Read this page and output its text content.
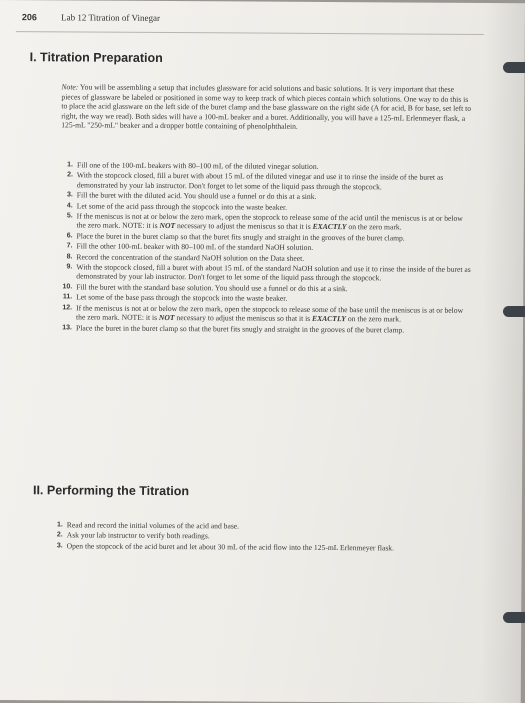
206	Lab 12 Titration of Vinegar
I. Titration Preparation

Note: You will be assembling a setup that includes glassware for acid solutions and basic solutions. It is very important that these pieces of glassware be labeled or positioned in some way to keep track of which pieces contain which solutions. One way to do this is to place the acid glassware on the left side of the buret clamp and the base glassware on the right side (A for acid, B for base, set left to right, the way we read). Both sides will have a 100-mL beaker and a buret. Additionally, you will have a 125-mL Erlenmeyer flask, a 125-mL "250-mL" beaker and a dropper bottle containing of phenolphthalein.

1. Fill one of the 100-mL beakers with 80–100 mL of the diluted vinegar solution.
2. With the stopcock closed, fill a buret with about 15 mL of the diluted vinegar and use it to rinse the inside of the buret as demonstrated by your lab instructor. Don't forget to let some of the liquid pass through the stopcock.
3. Fill the buret with the diluted acid. You should use a funnel or do this at a sink.
4. Let some of the acid pass through the stopcock into the waste beaker.
5. If the meniscus is not at or below the zero mark, open the stopcock to release some of the acid until the meniscus is at or below the zero mark. NOTE: it is NOT necessary to adjust the meniscus so that it is EXACTLY on the zero mark.
6. Place the buret in the buret clamp so that the buret fits snugly and straight in the grooves of the buret clamp.
7. Fill the other 100-mL beaker with 80–100 mL of the standard NaOH solution.
8. Record the concentration of the standard NaOH solution on the Data sheet.
9. With the stopcock closed, fill a buret with about 15 mL of the standard NaOH solution and use it to rinse the inside of the buret as demonstrated by your lab instructor. Don't forget to let some of the liquid pass through the stopcock.
10. Fill the buret with the standard base solution. You should use a funnel or do this at a sink.
11. Let some of the base pass through the stopcock into the waste beaker.
12. If the meniscus is not at or below the zero mark, open the stopcock to release some of the base until the meniscus is at or below the zero mark. NOTE: it is NOT necessary to adjust the meniscus so that it is EXACTLY on the zero mark.
13. Place the buret in the buret clamp so that the buret fits snugly and straight in the grooves of the buret clamp.
II. Performing the Titration
1. Read and record the initial volumes of the acid and base.
2. Ask your lab instructor to verify both readings.
3. Open the stopcock of the acid buret and let about 30 mL of the acid flow into the 125-mL Erlenmeyer flask.
